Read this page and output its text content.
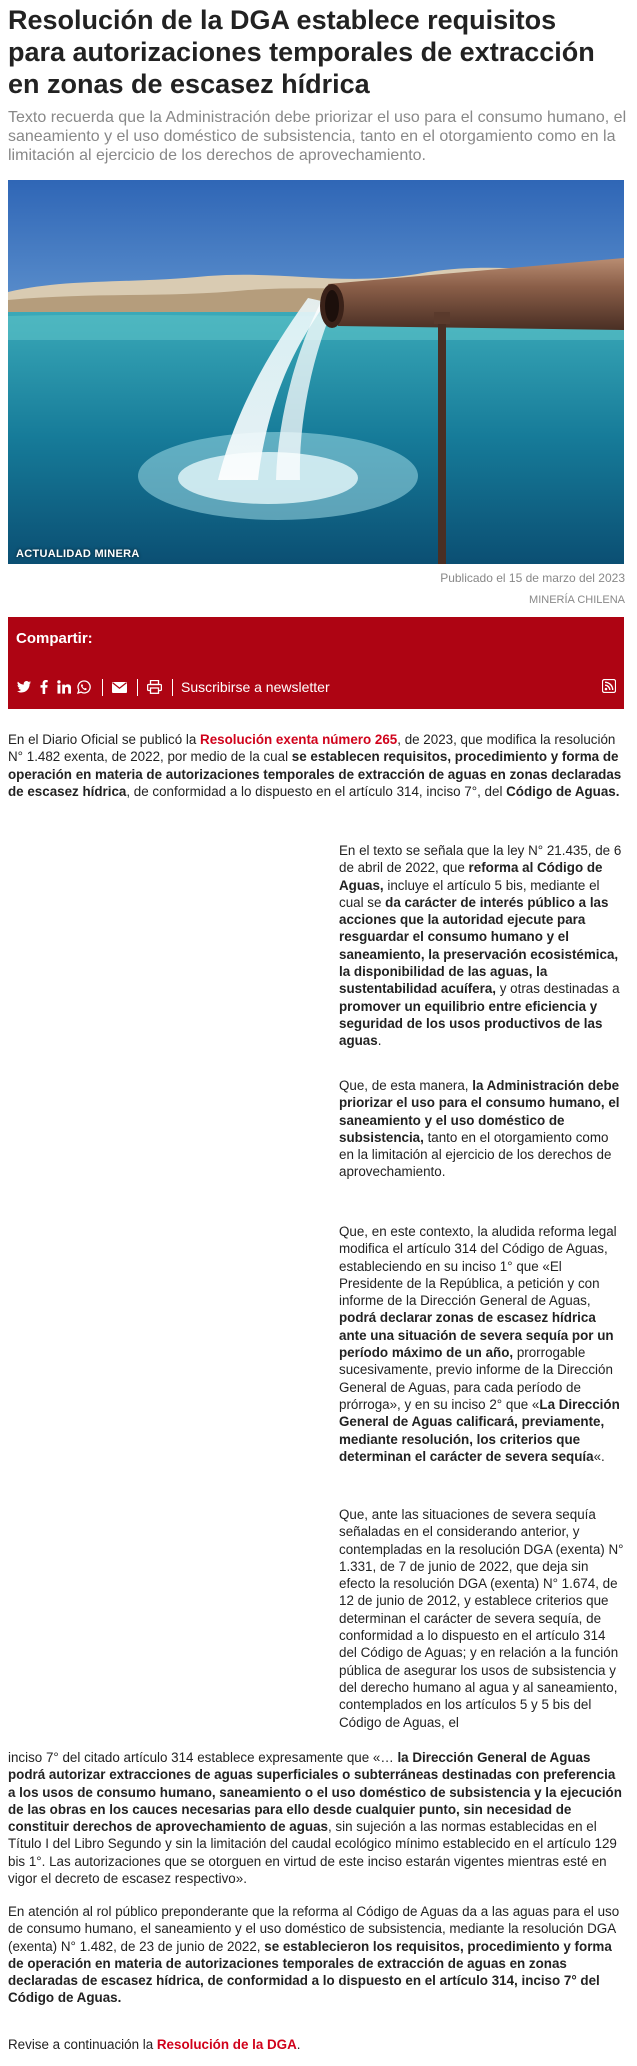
Resolución de la DGA establece requisitos para autorizaciones temporales de extracción en zonas de escasez hídrica

Texto recuerda que la Administración debe priorizar el uso para el consumo humano, el saneamiento y el uso doméstico de subsistencia, tanto en el otorgamiento como en la limitación al ejercicio de los derechos de aprovechamiento.

ACTUALIDAD MINERA
Publicado el 15 de marzo del 2023
MINERÍA CHILENA
Compartir:
Suscribirse a newsletter

En el Diario Oficial se publicó la Resolución exenta número 265, de 2023, que modifica la resolución N° 1.482 exenta, de 2022, por medio de la cual se establecen requisitos, procedimiento y forma de operación en materia de autorizaciones temporales de extracción de aguas en zonas declaradas de escasez hídrica, de conformidad a lo dispuesto en el artículo 314, inciso 7°, del Código de Aguas.

En el texto se señala que la ley N° 21.435, de 6 de abril de 2022, que reforma al Código de Aguas, incluye el artículo 5 bis, mediante el cual se da carácter de interés público a las acciones que la autoridad ejecute para resguardar el consumo humano y el saneamiento, la preservación ecosistémica, la disponibilidad de las aguas, la sustentabilidad acuífera, y otras destinadas a promover un equilibrio entre eficiencia y seguridad de los usos productivos de las aguas.

Que, de esta manera, la Administración debe priorizar el uso para el consumo humano, el saneamiento y el uso doméstico de subsistencia, tanto en el otorgamiento como en la limitación al ejercicio de los derechos de aprovechamiento.

Que, en este contexto, la aludida reforma legal modifica el artículo 314 del Código de Aguas, estableciendo en su inciso 1° que «El Presidente de la República, a petición y con informe de la Dirección General de Aguas, podrá declarar zonas de escasez hídrica ante una situación de severa sequía por un período máximo de un año, prorrogable sucesivamente, previo informe de la Dirección General de Aguas, para cada período de prórroga», y en su inciso 2° que «La Dirección General de Aguas calificará, previamente, mediante resolución, los criterios que determinan el carácter de severa sequía«.

Que, ante las situaciones de severa sequía señaladas en el considerando anterior, y contempladas en la resolución DGA (exenta) N° 1.331, de 7 de junio de 2022, que deja sin efecto la resolución DGA (exenta) N° 1.674, de 12 de junio de 2012, y establece criterios que determinan el carácter de severa sequía, de conformidad a lo dispuesto en el artículo 314 del Código de Aguas; y en relación a la función pública de asegurar los usos de subsistencia y del derecho humano al agua y al saneamiento, contemplados en los artículos 5 y 5 bis del Código de Aguas, el

inciso 7° del citado artículo 314 establece expresamente que «… la Dirección General de Aguas podrá autorizar extracciones de aguas superficiales o subterráneas destinadas con preferencia a los usos de consumo humano, saneamiento o el uso doméstico de subsistencia y la ejecución de las obras en los cauces necesarias para ello desde cualquier punto, sin necesidad de constituir derechos de aprovechamiento de aguas, sin sujeción a las normas establecidas en el Título I del Libro Segundo y sin la limitación del caudal ecológico mínimo establecido en el artículo 129 bis 1°. Las autorizaciones que se otorguen en virtud de este inciso estarán vigentes mientras esté en vigor el decreto de escasez respectivo».

En atención al rol público preponderante que la reforma al Código de Aguas da a las aguas para el uso de consumo humano, el saneamiento y el uso doméstico de subsistencia, mediante la resolución DGA (exenta) N° 1.482, de 23 de junio de 2022, se establecieron los requisitos, procedimiento y forma de operación en materia de autorizaciones temporales de extracción de aguas en zonas declaradas de escasez hídrica, de conformidad a lo dispuesto en el artículo 314, inciso 7° del Código de Aguas.

Revise a continuación la Resolución de la DGA.
